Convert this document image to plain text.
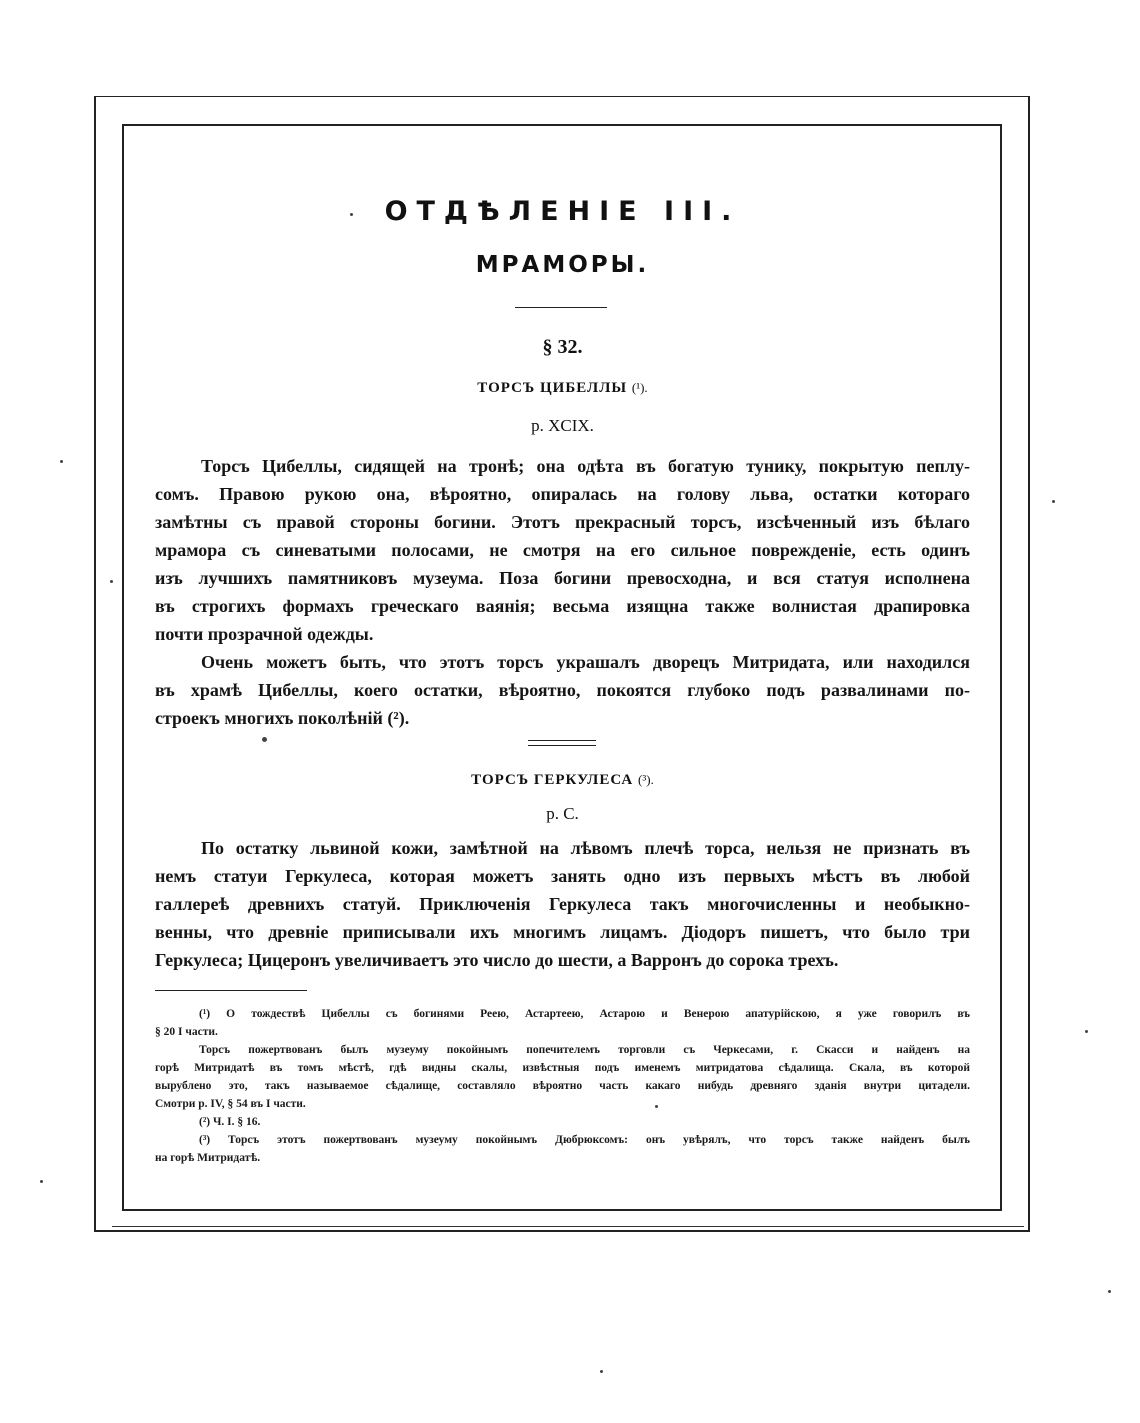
ОТДѢЛЕНІЕ III.
МРАМОРЫ.
§ 32.
ТОРСЪ ЦИБЕЛЛЫ (¹).
р. XCIX.
Торсъ Цибеллы, сидящей на тронѣ; она одѣта въ богатую тунику, покрытую пеплу-
сомъ. Правою рукою она, вѣроятно, опиралась на голову льва, остатки котораго
замѣтны съ правой стороны богини. Этотъ прекрасный торсъ, изсѣченный изъ бѣлаго
мрамора съ синеватыми полосами, не смотря на его сильное поврежденіе, есть одинъ
изъ лучшихъ памятниковъ музеума. Поза богини превосходна, и вся статуя исполнена
въ строгихъ формахъ греческаго ваянія; весьма изящна также волнистая драпировка
почти прозрачной одежды.
Очень можетъ быть, что этотъ торсъ украшалъ дворецъ Митридата, или находился
въ храмѣ Цибеллы, коего остатки, вѣроятно, покоятся глубоко подъ развалинами по-
строекъ многихъ поколѣній (²).
ТОРСЪ ГЕРКУЛЕСА (³).
р. С.
По остатку львиной кожи, замѣтной на лѣвомъ плечѣ торса, нельзя не признать въ
немъ статуи Геркулеса, которая можетъ занять одно изъ первыхъ мѣстъ въ любой
галлереѣ древнихъ статуй. Приключенія Геркулеса такъ многочисленны и необыкно-
венны, что древніе приписывали ихъ многимъ лицамъ. Діодоръ пишетъ, что было три
Геркулеса; Цицеронъ увеличиваетъ это число до шести, а Варронъ до сорока трехъ.

(¹) О тождествѣ Цибеллы съ богинями Реею, Астартеею, Астарою и Венерою апатурійскою, я уже говорилъ въ
§ 20 I части.

Торсъ пожертвованъ былъ музеуму покойнымъ попечителемъ торговли съ Черкесами, г. Скасси и найденъ на
горѣ Митридатѣ въ томъ мѣстѣ, гдѣ видны скалы, извѣстныя подъ именемъ митридатова сѣдалища. Скала, въ которой
вырублено это, такъ называемое сѣдалище, составляло вѣроятно часть какаго нибудь древняго зданія внутри цитадели.
Смотри р. IV, § 54 въ I части.

(²) Ч. I. § 16.

(³) Торсъ этотъ пожертвованъ музеуму покойнымъ Дюбрюксомъ: онъ увѣрялъ, что торсъ также найденъ былъ
на горѣ Митридатѣ.
